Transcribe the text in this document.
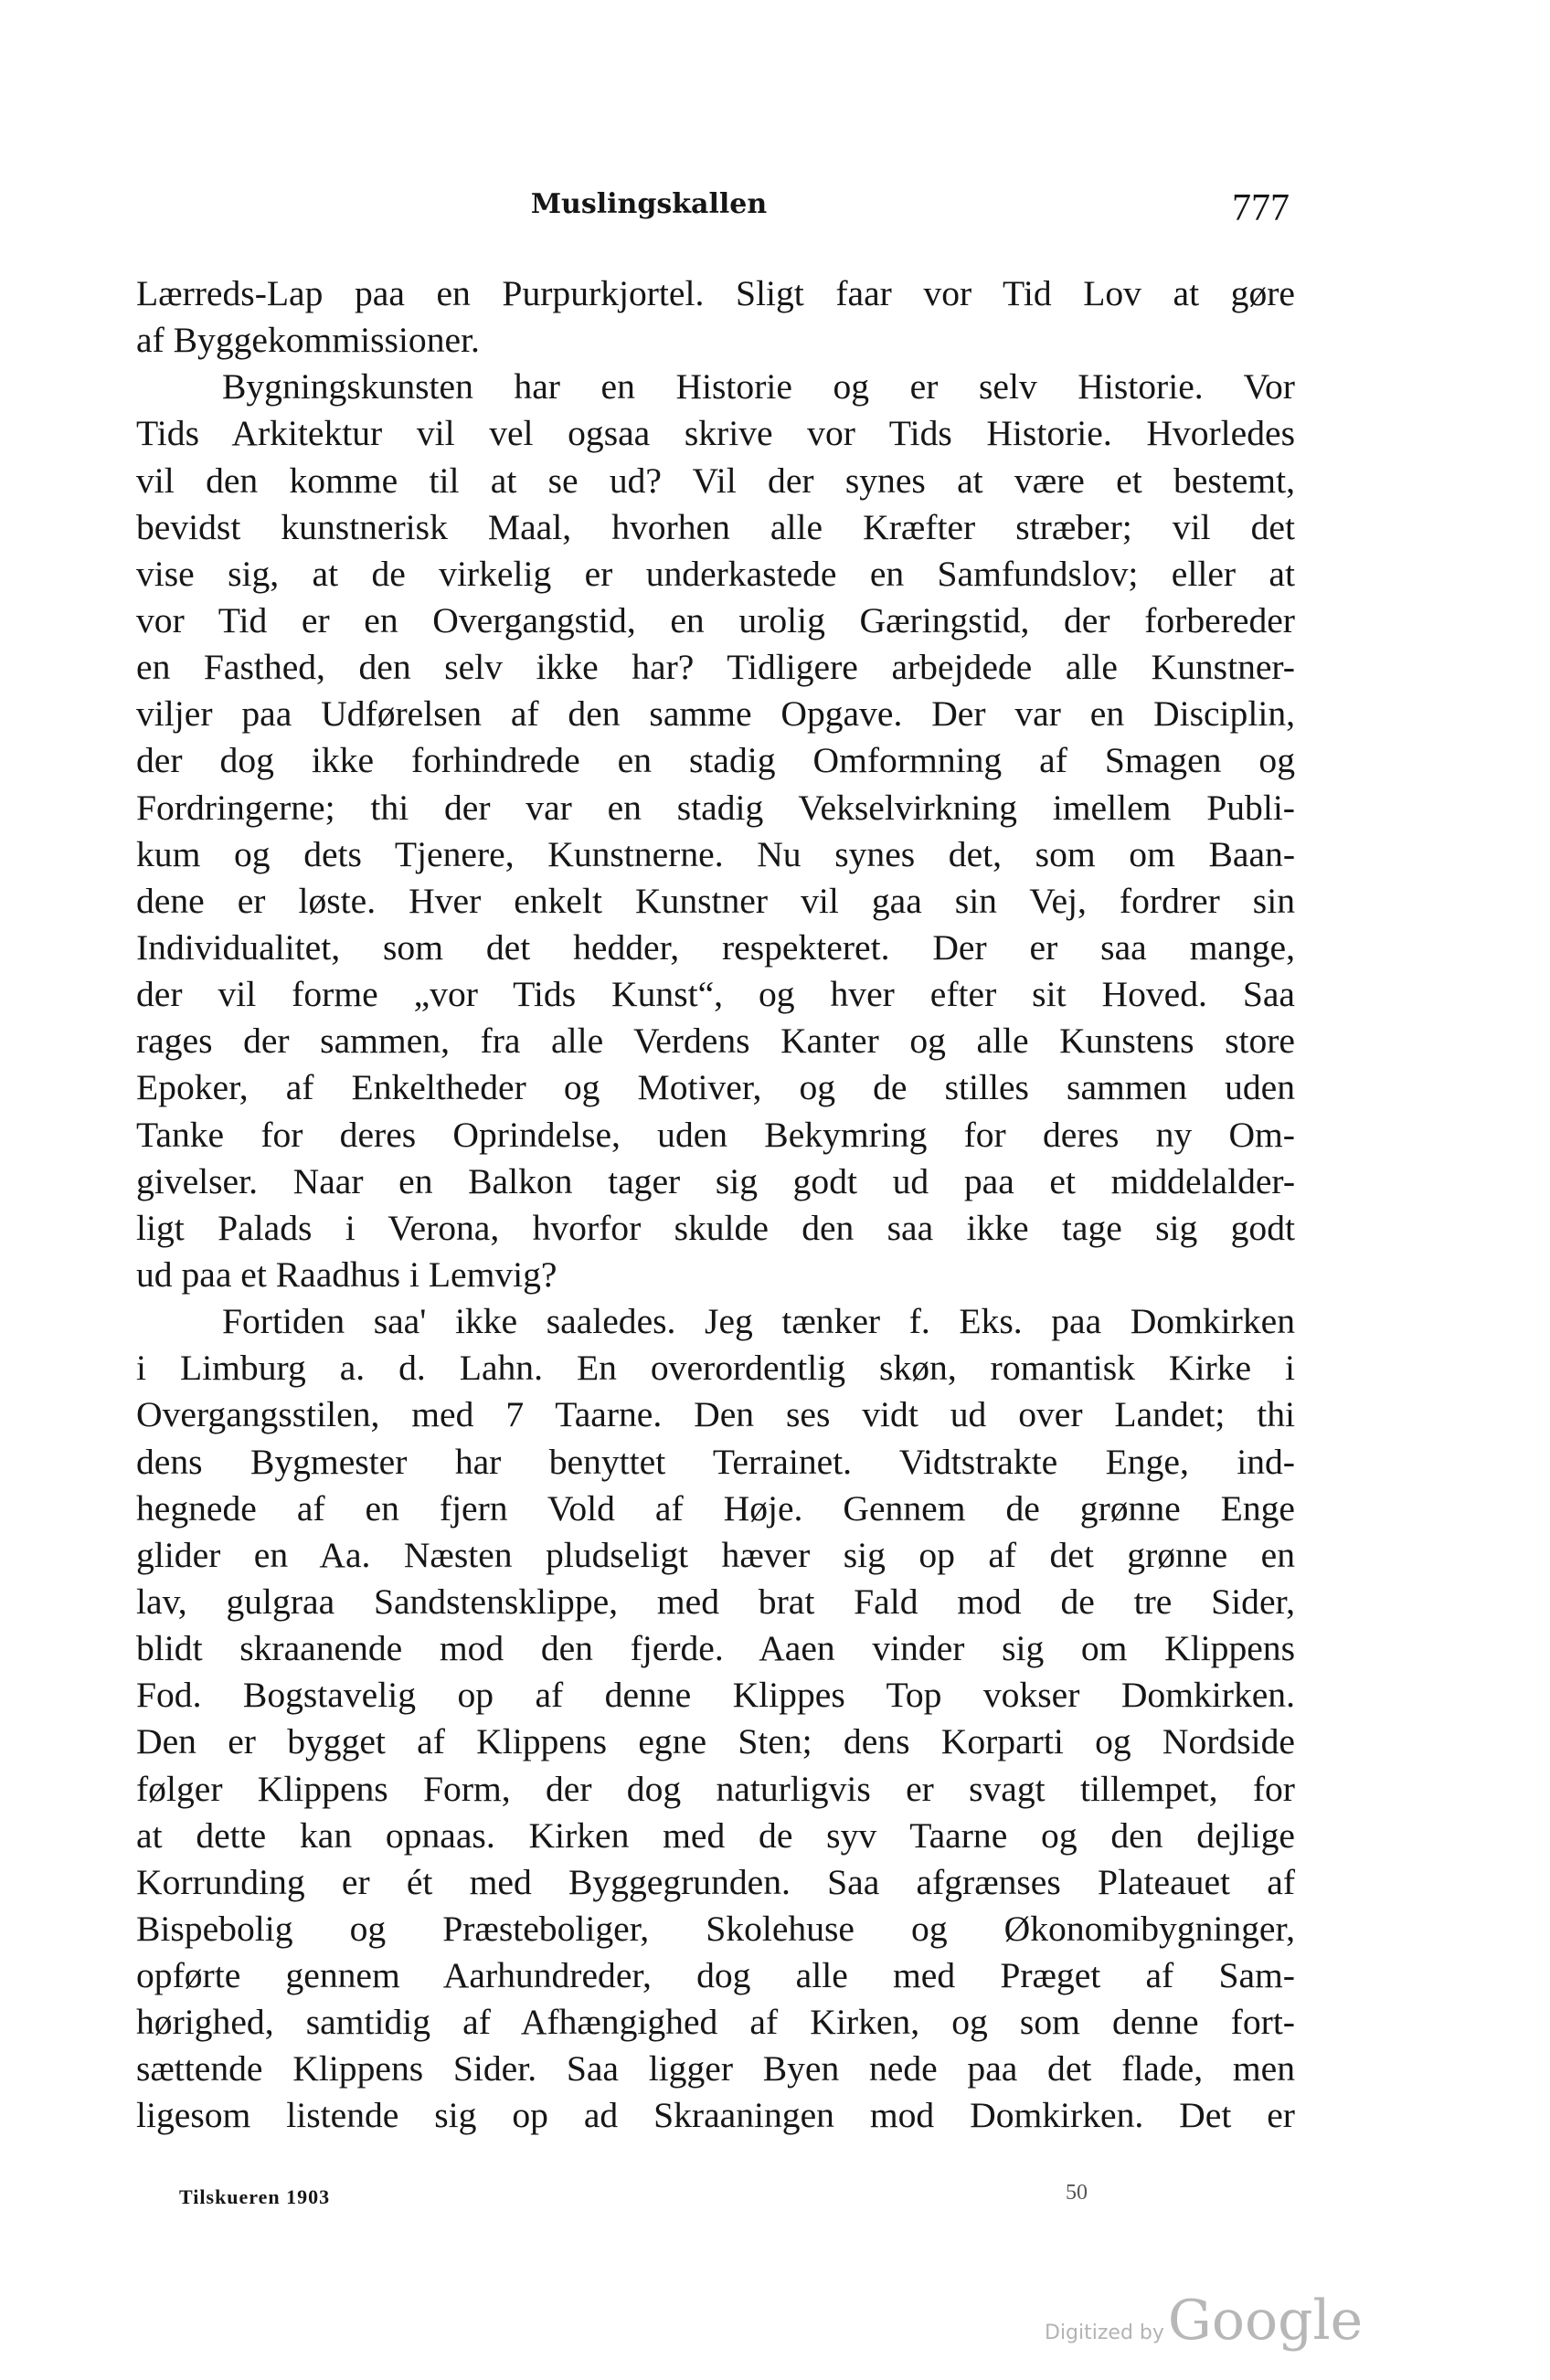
Muslingskallen	777
Lærreds-Lap paa en Purpurkjortel. Sligt faar vor Tid Lov at gøre
af Byggekommissioner.
Bygningskunsten har en Historie og er selv Historie. Vor
Tids Arkitektur vil vel ogsaa skrive vor Tids Historie. Hvorledes
vil den komme til at se ud? Vil der synes at være et bestemt,
bevidst kunstnerisk Maal, hvorhen alle Kræfter stræber; vil det
vise sig, at de virkelig er underkastede en Samfundslov; eller at
vor Tid er en Overgangstid, en urolig Gæringstid, der forbereder
en Fasthed, den selv ikke har? Tidligere arbejdede alle Kunstner-
viljer paa Udførelsen af den samme Opgave. Der var en Disciplin,
der dog ikke forhindrede en stadig Omformning af Smagen og
Fordringerne; thi der var en stadig Vekselvirkning imellem Publi-
kum og dets Tjenere, Kunstnerne. Nu synes det, som om Baan-
dene er løste. Hver enkelt Kunstner vil gaa sin Vej, fordrer sin
Individualitet, som det hedder, respekteret. Der er saa mange,
der vil forme „vor Tids Kunst“, og hver efter sit Hoved. Saa
rages der sammen, fra alle Verdens Kanter og alle Kunstens store
Epoker, af Enkeltheder og Motiver, og de stilles sammen uden
Tanke for deres Oprindelse, uden Bekymring for deres ny Om-
givelser. Naar en Balkon tager sig godt ud paa et middelalder-
ligt Palads i Verona, hvorfor skulde den saa ikke tage sig godt
ud paa et Raadhus i Lemvig?
Fortiden saa' ikke saaledes. Jeg tænker f. Eks. paa Domkirken
i Limburg a. d. Lahn. En overordentlig skøn, romantisk Kirke i
Overgangsstilen, med 7 Taarne. Den ses vidt ud over Landet; thi
dens Bygmester har benyttet Terrainet. Vidtstrakte Enge, ind-
hegnede af en fjern Vold af Høje. Gennem de grønne Enge
glider en Aa. Næsten pludseligt hæver sig op af det grønne en
lav, gulgraa Sandstensklippe, med brat Fald mod de tre Sider,
blidt skraanende mod den fjerde. Aaen vinder sig om Klippens
Fod. Bogstavelig op af denne Klippes Top vokser Domkirken.
Den er bygget af Klippens egne Sten; dens Korparti og Nordside
følger Klippens Form, der dog naturligvis er svagt tillempet, for
at dette kan opnaas. Kirken med de syv Taarne og den dejlige
Korrunding er ét med Byggegrunden. Saa afgrænses Plateauet af
Bispebolig og Præsteboliger, Skolehuse og Økonomibygninger,
opførte gennem Aarhundreder, dog alle med Præget af Sam-
hørighed, samtidig af Afhængighed af Kirken, og som denne fort-
sættende Klippens Sider. Saa ligger Byen nede paa det flade, men
ligesom listende sig op ad Skraaningen mod Domkirken. Det er
Tilskueren 1903	50
Digitized by Google
